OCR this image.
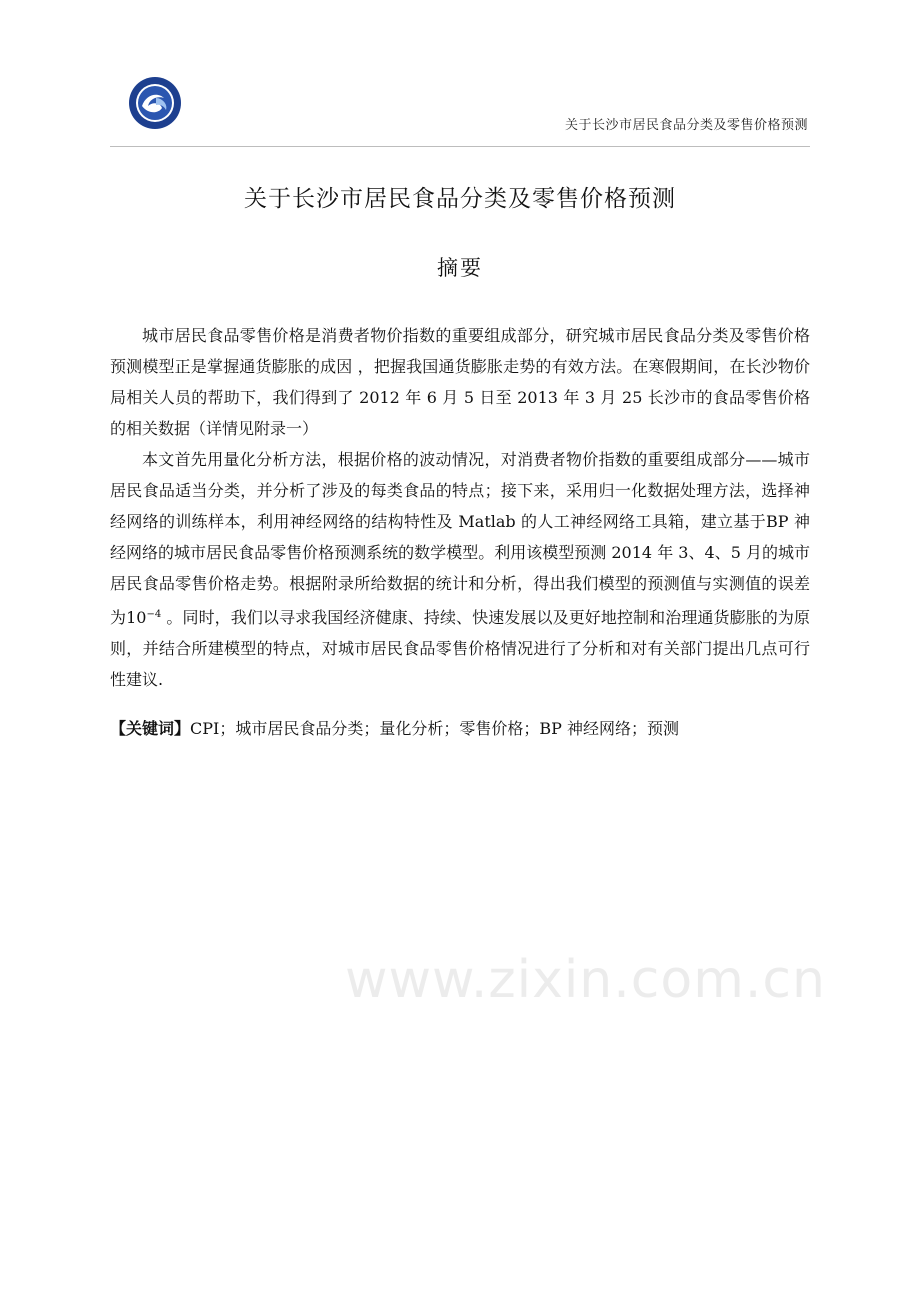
关于长沙市居民食品分类及零售价格预测
关于长沙市居民食品分类及零售价格预测
摘要

城市居民食品零售价格是消费者物价指数的重要组成部分，研究城市居民食品分类及零售价格预测模型正是掌握通货膨胀的成因 ，把握我国通货膨胀走势的有效方法。在寒假期间，在长沙物价局相关人员的帮助下，我们得到了 2012 年 6 月 5 日至 2013 年 3 月 25 长沙市的食品零售价格的相关数据（详情见附录一）

本文首先用量化分析方法，根据价格的波动情况，对消费者物价指数的重要组成部分——城市居民食品适当分类，并分析了涉及的每类食品的特点；接下来，采用归一化数据处理方法，选择神经网络的训练样本，利用神经网络的结构特性及 Matlab 的人工神经网络工具箱，建立基于BP 神经网络的城市居民食品零售价格预测系统的数学模型。利用该模型预测 2014 年 3、4、5 月的城市居民食品零售价格走势。根据附录所给数据的统计和分析，得出我们模型的预测值与实测值的误差为$10^{-4}$ 。同时，我们以寻求我国经济健康、持续、快速发展以及更好地控制和治理通货膨胀的为原则，并结合所建模型的特点，对城市居民食品零售价格情况进行了分析和对有关部门提出几点可行性建议.

【关键词】CPI；城市居民食品分类；量化分析；零售价格；BP 神经网络；预测
www.zixin.com.cn
